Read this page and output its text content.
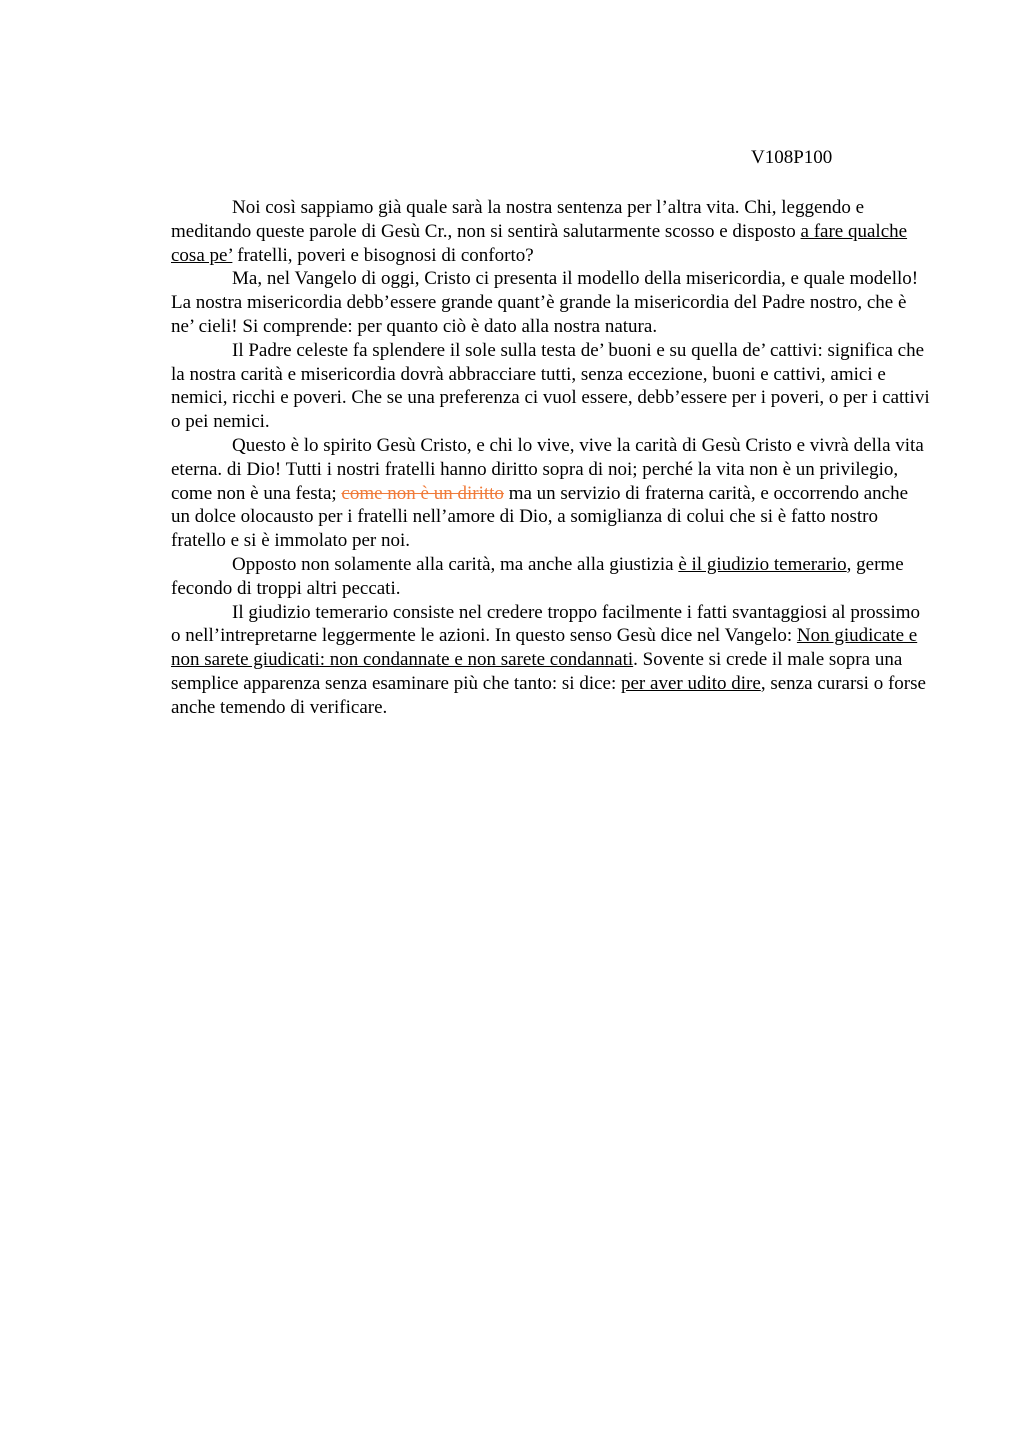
V108P100

Noi così sappiamo già quale sarà la nostra sentenza per l’altra vita. Chi, leggendo e meditando queste parole di Gesù Cr., non si sentirà salutarmente scosso e disposto a fare qualche cosa pe’ fratelli, poveri e bisognosi di conforto?

Ma, nel Vangelo di oggi, Cristo ci presenta il modello della misericordia, e quale modello! La nostra misericordia debb’essere grande quant’è grande la misericordia del Padre nostro, che è ne’ cieli! Si comprende: per quanto ciò è dato alla nostra natura.

Il Padre celeste fa splendere il sole sulla testa de’ buoni e su quella de’ cattivi: significa che la nostra carità e misericordia dovrà abbracciare tutti, senza eccezione, buoni e cattivi, amici e nemici, ricchi e poveri. Che se una preferenza ci vuol essere, debb’essere per i poveri, o per i cattivi o pei nemici.

Questo è lo spirito Gesù Cristo, e chi lo vive, vive la carità di Gesù Cristo e vivrà della vita eterna. di Dio! Tutti i nostri fratelli hanno diritto sopra di noi; perché la vita non è un privilegio, come non è una festa; come non è un diritto ma un servizio di fraterna carità, e occorrendo anche un dolce olocausto per i fratelli nell’amore di Dio, a somiglianza di colui che si è fatto nostro fratello e si è immolato per noi.

Opposto non solamente alla carità, ma anche alla giustizia è il giudizio temerario, germe fecondo di troppi altri peccati.

Il giudizio temerario consiste nel credere troppo facilmente i fatti svantaggiosi al prossimo o nell’intrepretarne leggermente le azioni. In questo senso Gesù dice nel Vangelo: Non giudicate e non sarete giudicati: non condannate e non sarete condannati. Sovente si crede il male sopra una semplice apparenza senza esaminare più che tanto: si dice: per aver udito dire, senza curarsi o forse anche temendo di verificare.
